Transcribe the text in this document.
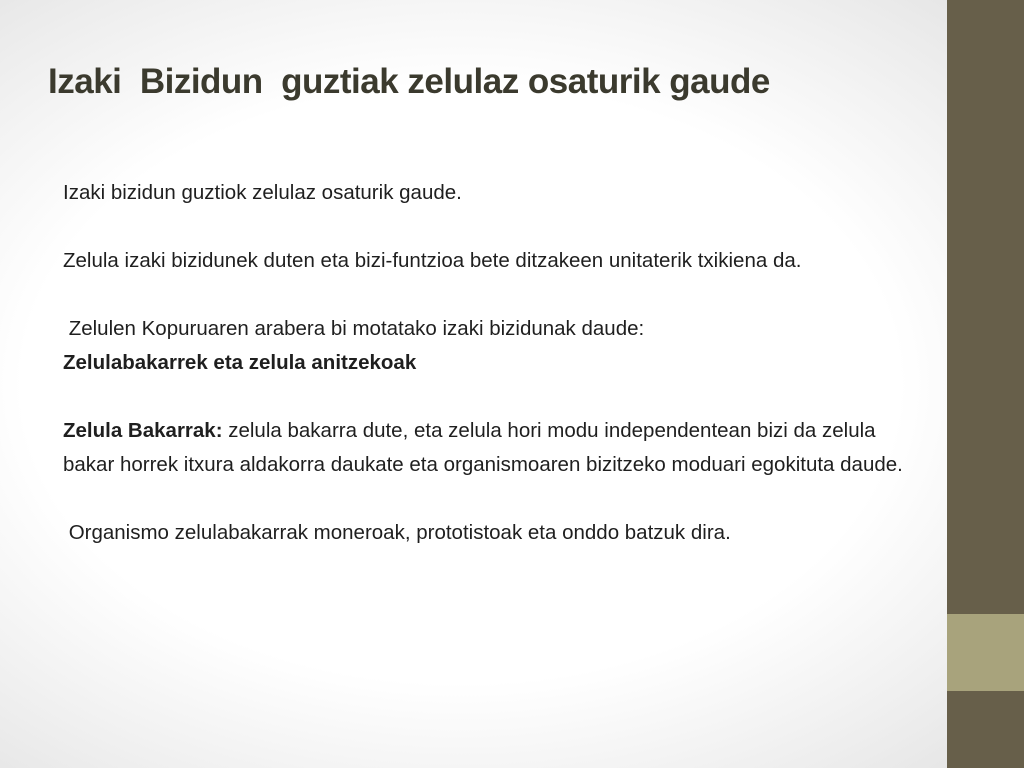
Izaki  Bizidun  guztiak zelulaz osaturik gaude

Izaki bizidun guztiok zelulaz osaturik gaude.

Zelula izaki bizidunek duten eta bizi-funtzioa bete ditzakeen unitaterik txikiena da.

Zelulen Kopuruaren arabera bi motatako izaki bizidunak daude:
Zelulabakarrek eta zelula anitzekoak

Zelula Bakarrak: zelula bakarra dute, eta zelula hori modu independentean bizi da zelula bakar horrek itxura aldakorra daukate eta organismoaren bizitzeko moduari egokituta daude.

Organismo zelulabakarrak moneroak, prototistoak eta onddo batzuk dira.
